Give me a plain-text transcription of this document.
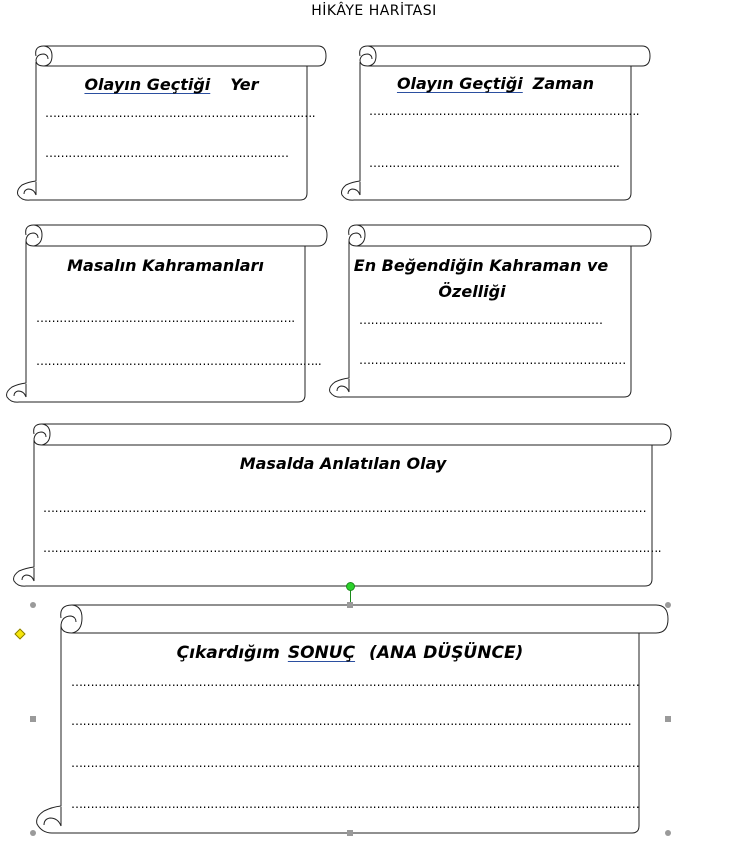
HİKÂYE HARİTASI
Olayın Geçtiği Yer
…………………………………………………………….
………………………………………………………
Olayın Geçtiği Zaman
…………………………………………………………….
………………………………………………………..
Masalın Kahramanları
………………………………………………………….
………………………………………………………………..
En Beğendiğin Kahraman ve
Özelliği
………………………………………………………
……………………………………………………………
Masalda Anlatılan Olay
…………………………………………………………………………………………………………………………………………
…………………………………………………………………………………………………………………………………………….
Çıkardığım SONUÇ (ANA DÜŞÜNCE)
…………………………………………………………………………………………………………………………………
……………………………………………………………………………………………………………………………….
…………………………………………………………………………………………………………………………………
…………………………………………………………………………………………………………………………………
